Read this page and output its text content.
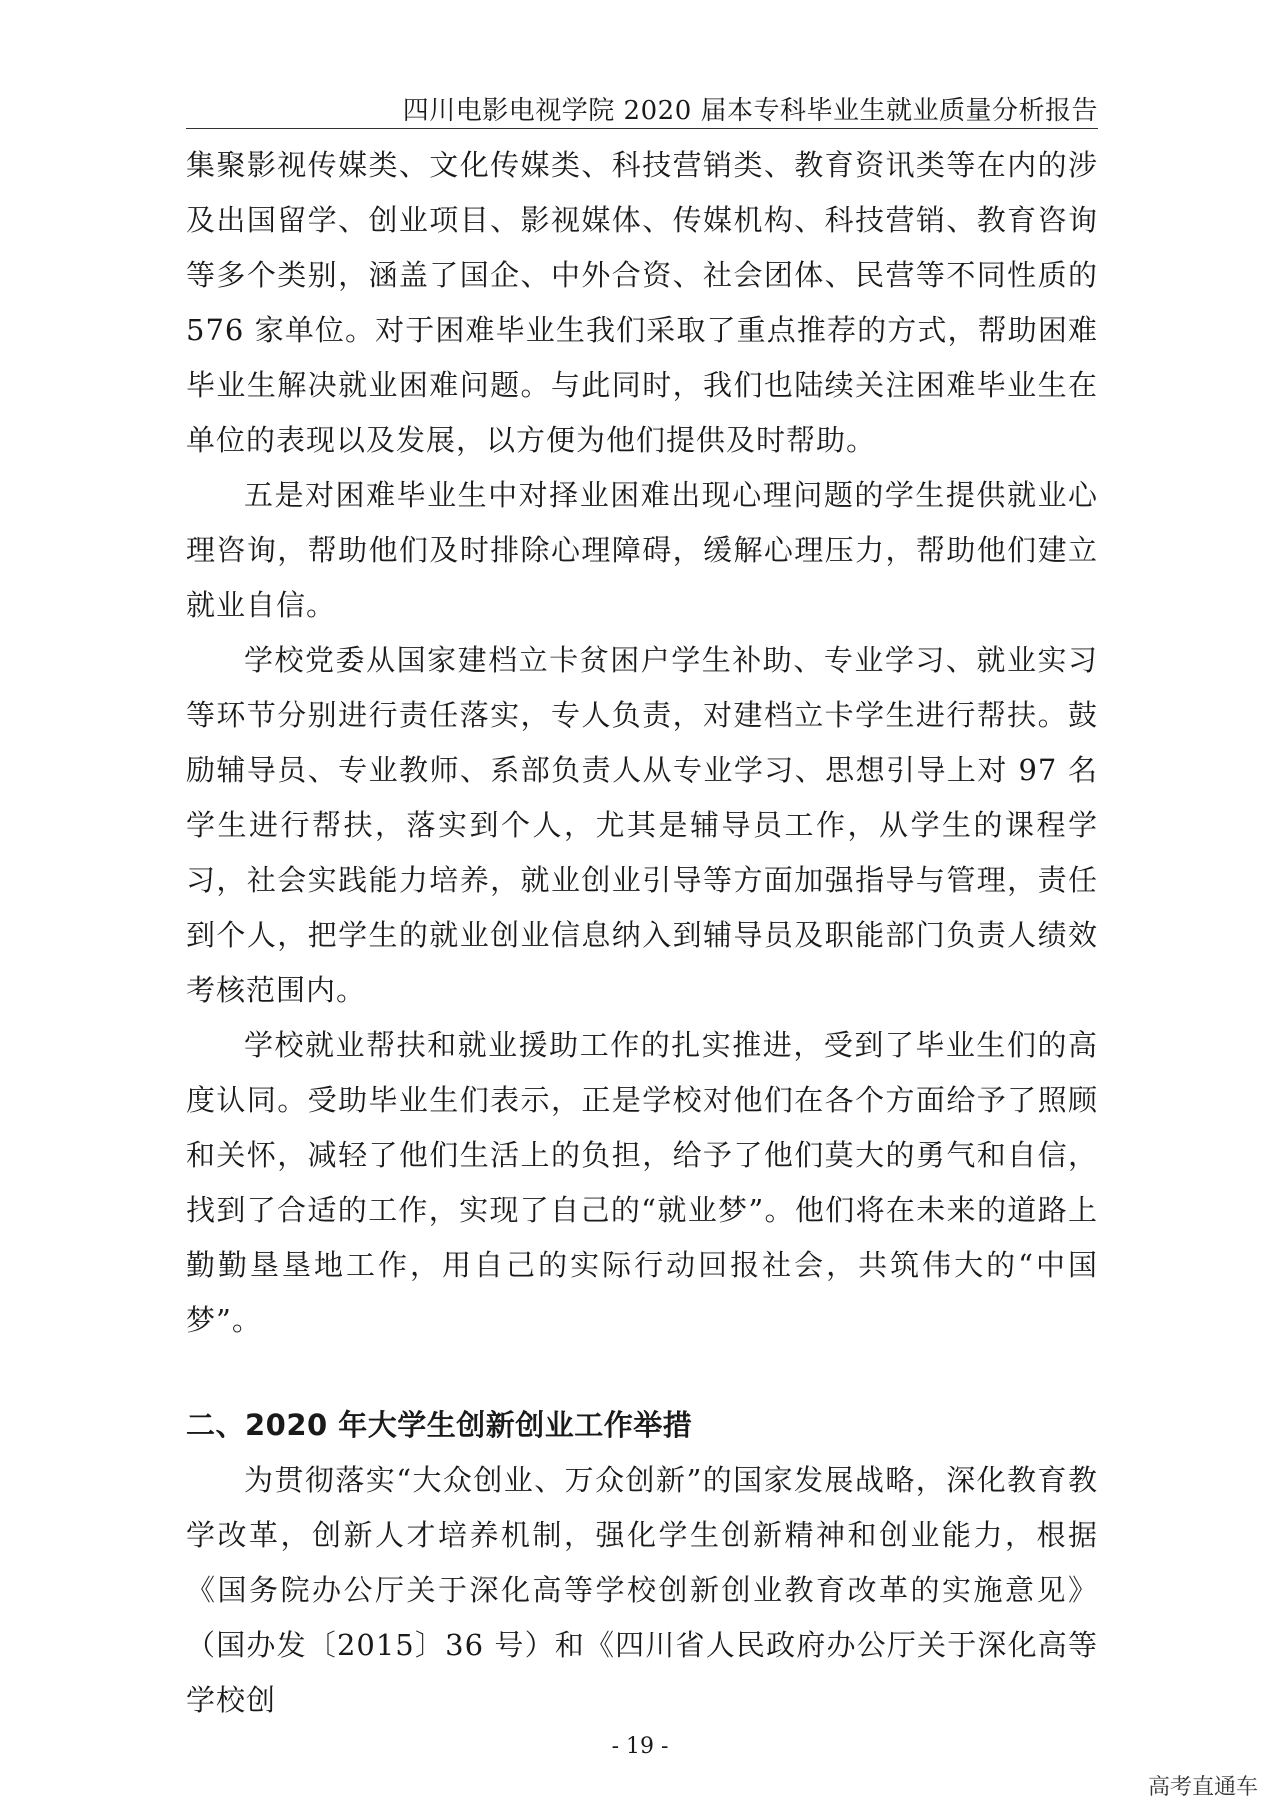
四川电影电视学院 2020 届本专科毕业生就业质量分析报告

集聚影视传媒类、文化传媒类、科技营销类、教育资讯类等在内的涉及出国留学、创业项目、影视媒体、传媒机构、科技营销、教育咨询等多个类别，涵盖了国企、中外合资、社会团体、民营等不同性质的 576 家单位。对于困难毕业生我们采取了重点推荐的方式，帮助困难毕业生解决就业困难问题。与此同时，我们也陆续关注困难毕业生在单位的表现以及发展，以方便为他们提供及时帮助。

五是对困难毕业生中对择业困难出现心理问题的学生提供就业心理咨询，帮助他们及时排除心理障碍，缓解心理压力，帮助他们建立就业自信。

学校党委从国家建档立卡贫困户学生补助、专业学习、就业实习等环节分别进行责任落实，专人负责，对建档立卡学生进行帮扶。鼓励辅导员、专业教师、系部负责人从专业学习、思想引导上对 97 名学生进行帮扶，落实到个人，尤其是辅导员工作，从学生的课程学习，社会实践能力培养，就业创业引导等方面加强指导与管理，责任到个人，把学生的就业创业信息纳入到辅导员及职能部门负责人绩效考核范围内。

学校就业帮扶和就业援助工作的扎实推进，受到了毕业生们的高度认同。受助毕业生们表示，正是学校对他们在各个方面给予了照顾和关怀，减轻了他们生活上的负担，给予了他们莫大的勇气和自信，找到了合适的工作，实现了自己的“就业梦”。他们将在未来的道路上勤勤垦垦地工作，用自己的实际行动回报社会，共筑伟大的“中国梦”。

二、2020 年大学生创新创业工作举措

为贯彻落实“大众创业、万众创新”的国家发展战略，深化教育教学改革，创新人才培养机制，强化学生创新精神和创业能力，根据《国务院办公厅关于深化高等学校创新创业教育改革的实施意见》（国办发〔2015〕36 号）和《四川省人民政府办公厅关于深化高等学校创

- 19 -
高考直通车
